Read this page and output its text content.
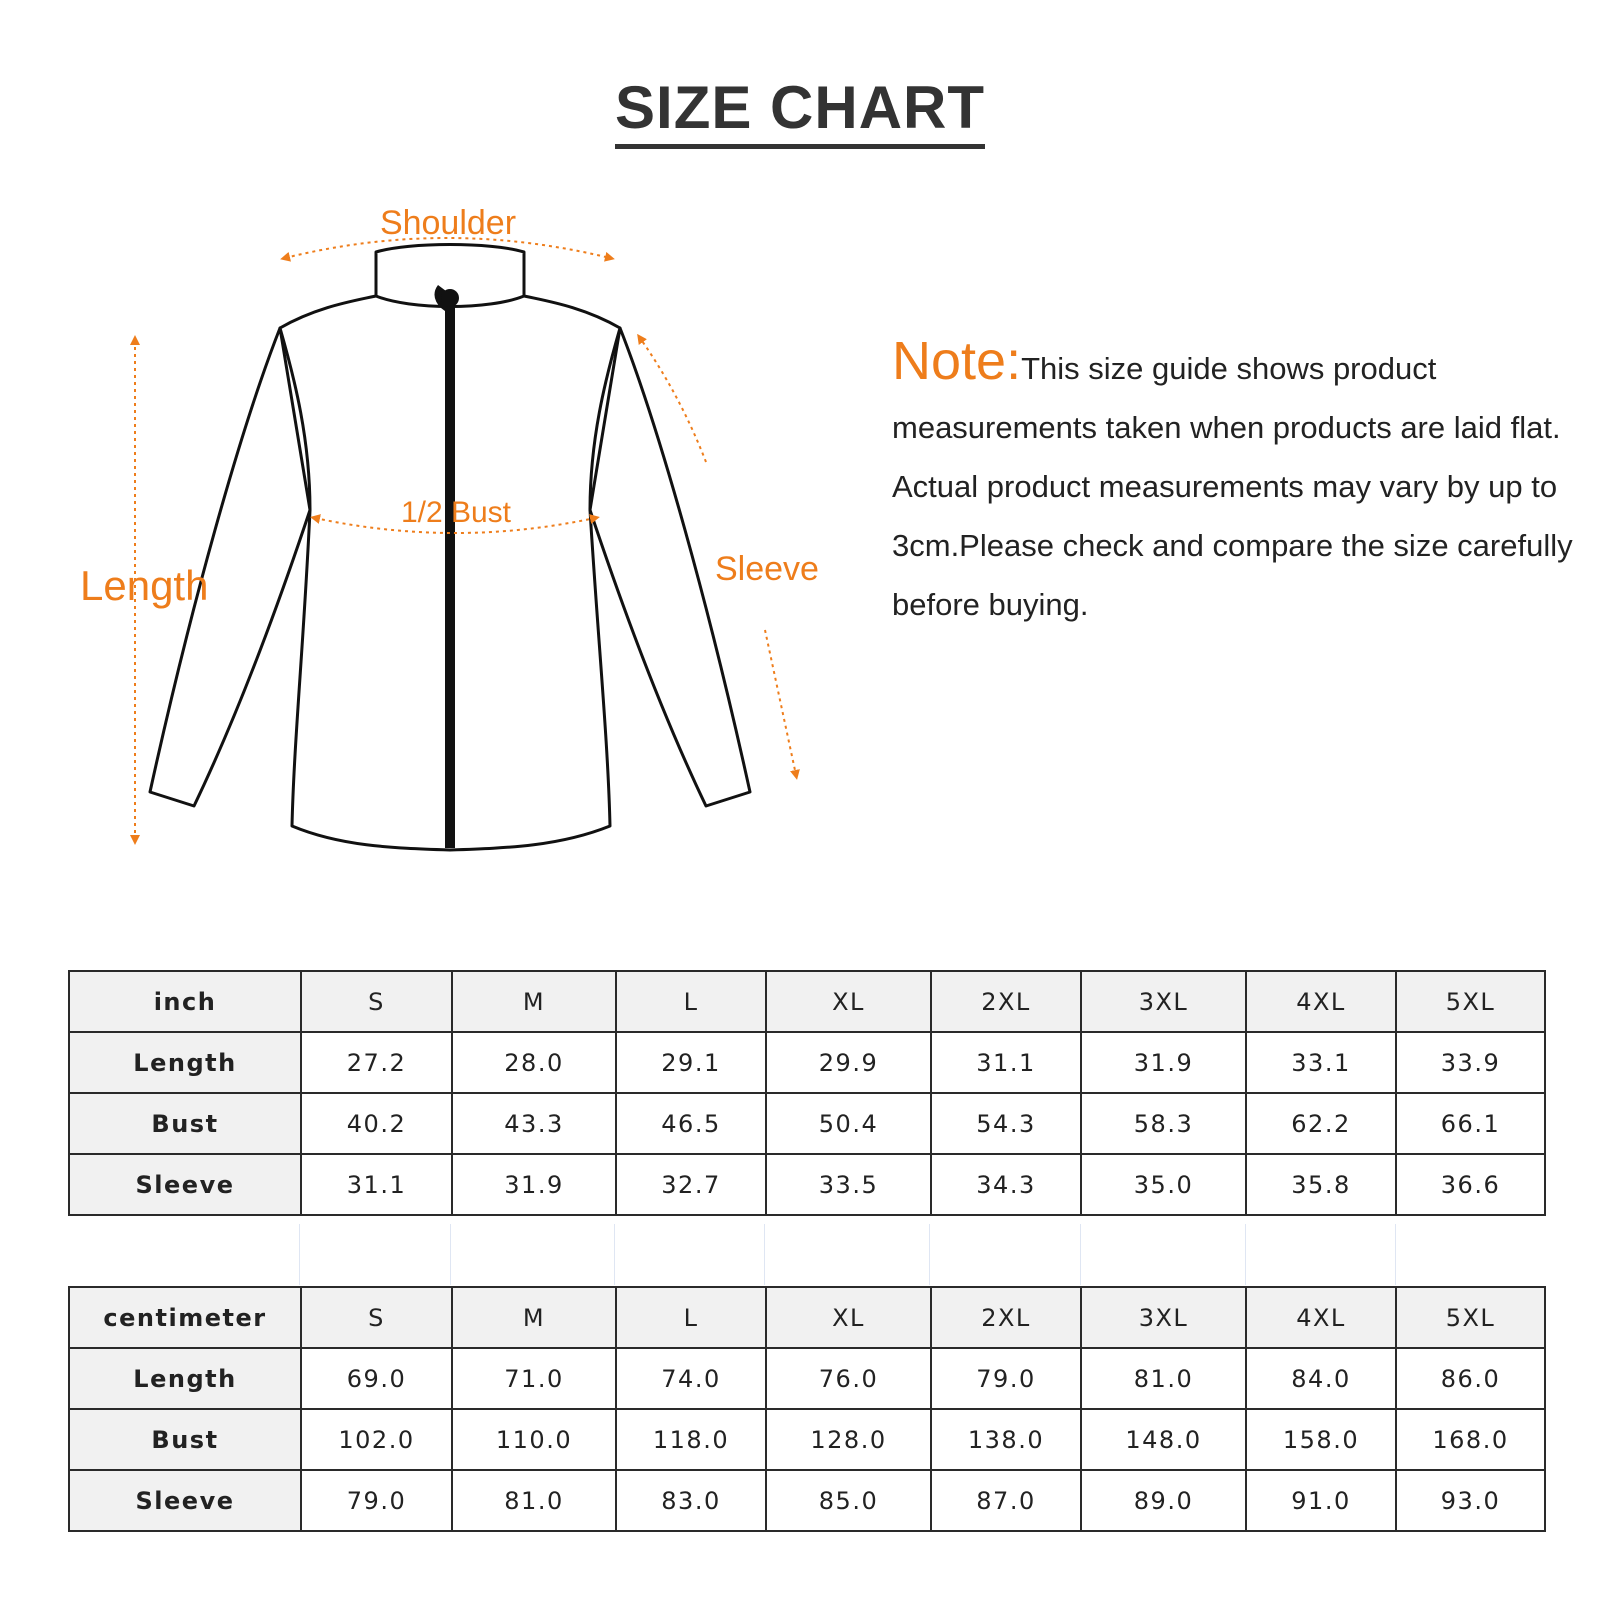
SIZE CHART
Shoulder
Length
1/2 Bust
Sleeve
Note:This size guide shows product measurements taken when products are laid flat. Actual product measurements may vary by up to 3cm.Please check and compare the size carefully before buying.
inch	S	M	L	XL	2XL	3XL	4XL	5XL
Length	27.2	28.0	29.1	29.9	31.1	31.9	33.1	33.9
Bust	40.2	43.3	46.5	50.4	54.3	58.3	62.2	66.1
Sleeve	31.1	31.9	32.7	33.5	34.3	35.0	35.8	36.6
centimeter	S	M	L	XL	2XL	3XL	4XL	5XL
Length	69.0	71.0	74.0	76.0	79.0	81.0	84.0	86.0
Bust	102.0	110.0	118.0	128.0	138.0	148.0	158.0	168.0
Sleeve	79.0	81.0	83.0	85.0	87.0	89.0	91.0	93.0
